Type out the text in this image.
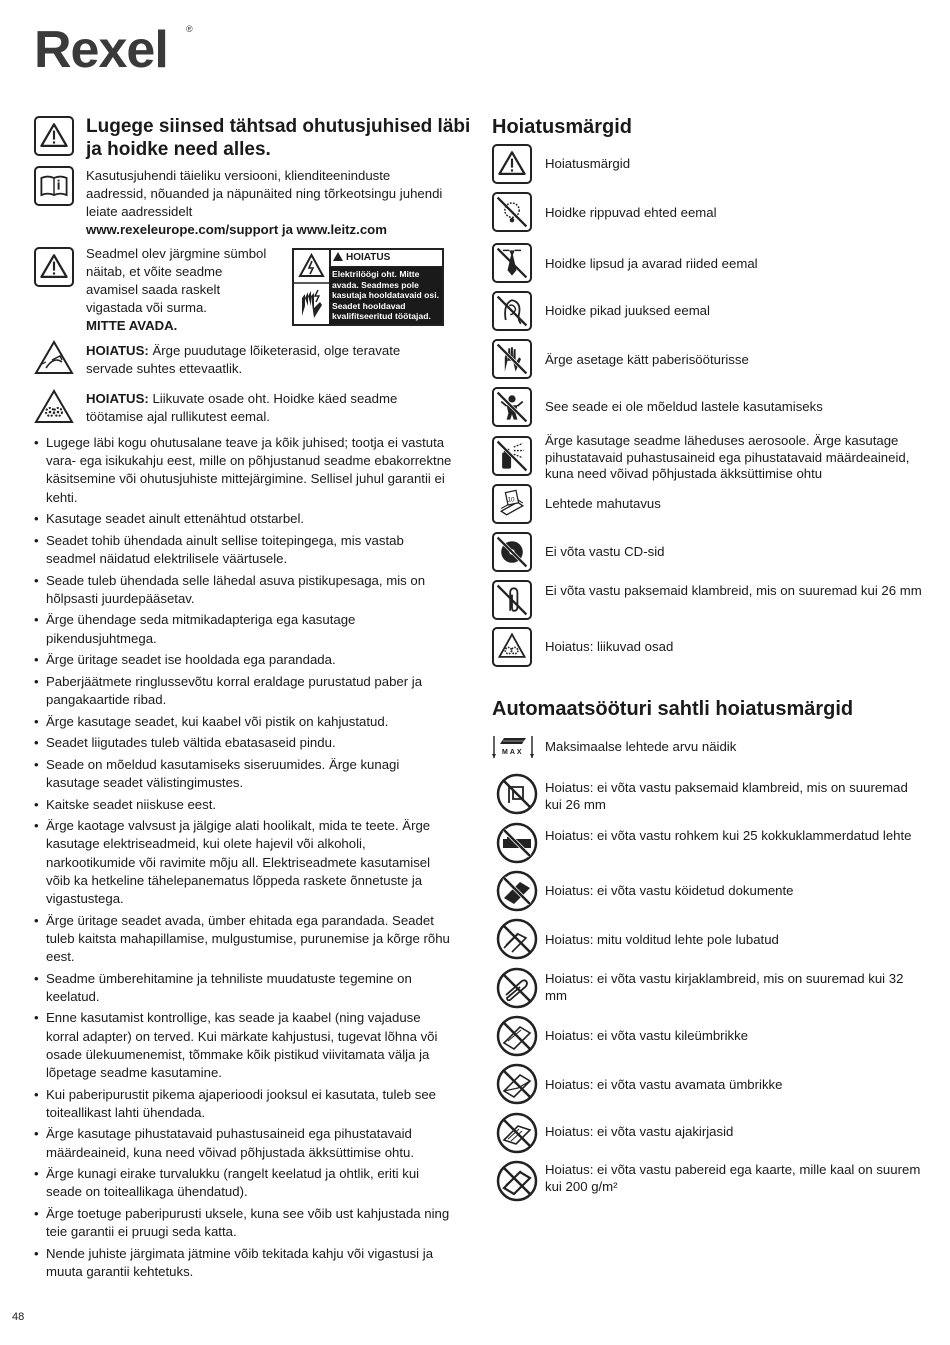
Rexel ®
Lugege siinsed tähtsad ohutusjuhised läbi ja hoidke need alles.
Kasutusjuhendi täieliku versiooni, klienditeeninduste aadressid, nõuanded ja näpunäited ning tõrkeotsingu juhendi leiate aadressidelt
www.rexeleurope.com/support ja www.leitz.com
Seadmel olev järgmine sümbol näitab, et võite seadme avamisel saada raskelt vigastada või surma.
MITTE AVADA.
HOIATUS
Elektrilöögi oht. Mitte avada. Seadmes pole kasutaja hooldatavaid osi. Seadet hooldavad kvalifitseeritud töötajad.
HOIATUS: Ärge puudutage lõiketerasid, olge teravate servade suhtes ettevaatlik.
HOIATUS: Liikuvate osade oht. Hoidke käed seadme töötamise ajal rullikutest eemal.
• Lugege läbi kogu ohutusalane teave ja kõik juhised; tootja ei vastuta vara- ega isikukahju eest, mille on põhjustanud seadme ebakorrektne käsitsemine või ohutusjuhiste mittejärgimine. Sellisel juhul garantii ei kehti.
• Kasutage seadet ainult ettenähtud otstarbel.
• Seadet tohib ühendada ainult sellise toitepingega, mis vastab seadmel näidatud elektrilisele väärtusele.
• Seade tuleb ühendada selle lähedal asuva pistikupesaga, mis on hõlpsasti juurdepääsetav.
• Ärge ühendage seda mitmikadapteriga ega kasutage pikendusjuhtmega.
• Ärge üritage seadet ise hooldada ega parandada.
• Paberjäätmete ringlussevõtu korral eraldage purustatud paber ja pangakaartide ribad.
• Ärge kasutage seadet, kui kaabel või pistik on kahjustatud.
• Seadet liigutades tuleb vältida ebatasaseid pindu.
• Seade on mõeldud kasutamiseks siseruumides. Ärge kunagi kasutage seadet välistingimustes.
• Kaitske seadet niiskuse eest.
• Ärge kaotage valvsust ja jälgige alati hoolikalt, mida te teete. Ärge kasutage elektriseadmeid, kui olete hajevil või alkoholi, narkootikumide või ravimite mõju all. Elektriseadmete kasutamisel võib ka hetkeline tähelepanematus lõppeda raskete õnnetuste ja vigastustega.
• Ärge üritage seadet avada, ümber ehitada ega parandada. Seadet tuleb kaitsta mahapillamise, mulgustumise, purunemise ja kõrge rõhu eest.
• Seadme ümberehitamine ja tehniliste muudatuste tegemine on keelatud.
• Enne kasutamist kontrollige, kas seade ja kaabel (ning vajaduse korral adapter) on terved. Kui märkate kahjustusi, tugevat lõhna või osade ülekuumenemist, tõmmake kõik pistikud viivitamata välja ja lõpetage seadme kasutamine.
• Kui paberipurustit pikema ajaperioodi jooksul ei kasutata, tuleb see toiteallikast lahti ühendada.
• Ärge kasutage pihustatavaid puhastusaineid ega pihustatavaid määrdeaineid, kuna need võivad põhjustada äkksüttimise ohtu.
• Ärge kunagi eirake turvalukku (rangelt keelatud ja ohtlik, eriti kui seade on toiteallikaga ühendatud).
• Ärge toetuge paberipurusti uksele, kuna see võib ust kahjustada ning teie garantii ei pruugi seda katta.
• Nende juhiste järgimata jätmine võib tekitada kahju või vigastusi ja muuta garantii kehtetuks.
Hoiatusmärgid
Hoiatusmärgid
Hoidke rippuvad ehted eemal
Hoidke lipsud ja avarad riided eemal
Hoidke pikad juuksed eemal
Ärge asetage kätt paberisööturisse
See seade ei ole mõeldud lastele kasutamiseks
Ärge kasutage seadme läheduses aerosoole. Ärge kasutage pihustatavaid puhastusaineid ega pihustatavaid määrdeaineid, kuna need võivad põhjustada äkksüttimise ohtu
10 Lehtede mahutavus
Ei võta vastu CD-sid
Ei võta vastu paksemaid klambreid, mis on suuremad kui 26 mm
Hoiatus: liikuvad osad
Automaatsööturi sahtli hoiatusmärgid
MAX Maksimaalse lehtede arvu näidik
Hoiatus: ei võta vastu paksemaid klambreid, mis on suuremad kui 26 mm
Hoiatus: ei võta vastu rohkem kui 25 kokkuklammerdatud lehte
Hoiatus: ei võta vastu köidetud dokumente
Hoiatus: mitu volditud lehte pole lubatud
Hoiatus: ei võta vastu kirjaklambreid, mis on suuremad kui 32 mm
Hoiatus: ei võta vastu kileümbrikke
Hoiatus: ei võta vastu avamata ümbrikke
Hoiatus: ei võta vastu ajakirjasid
Hoiatus: ei võta vastu pabereid ega kaarte, mille kaal on suurem kui 200 g/m²
48
